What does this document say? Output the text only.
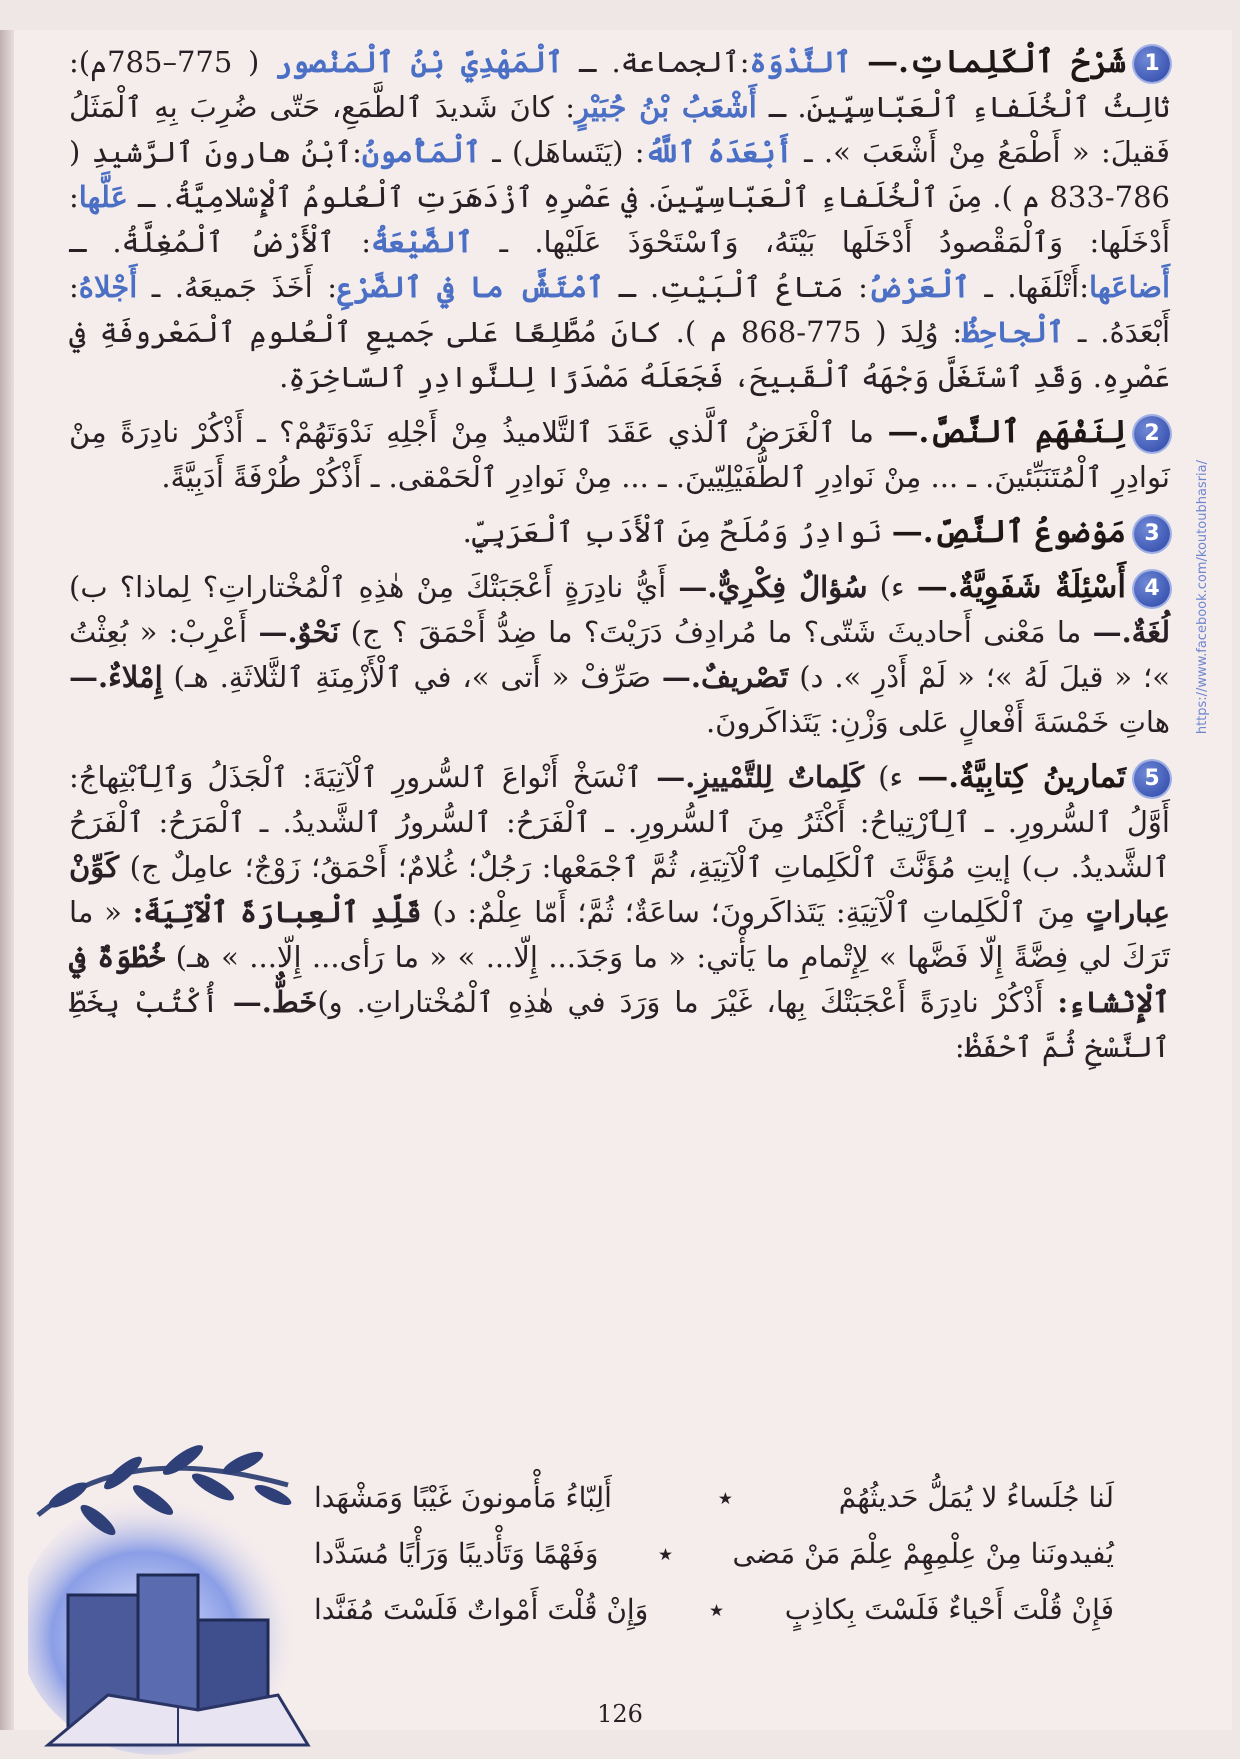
1شَرْحُ ٱلْكَلِماتِ.— ٱلنَّدْوَة:ٱلجماعة. ـ ٱلْمَهْدِيّ بْنُ ٱلْمَنْصور ( 775–785م): ثالِثُ ٱلْخُلَفاءِ ٱلْعَبّاسِيِّينَ. ـ أَشْعَبُ بْنُ جُبَيْرٍ: كانَ شَديدَ ٱلطَّمَعِ، حَتّى ضُرِبَ بِهِ ٱلْمَثَلُ فَقيلَ: « أَطْمَعُ مِنْ أَشْعَبَ ». ـ أَبْعَدَهُ ٱللَّهُ: (يَتَساهَل) ـ ٱلْمَأْمونُ:ٱبْنُ هارونَ ٱلرَّشيدِ ( 786-833 م ). مِنَ ٱلْخُلَفاءِ ٱلْعَبّاسِيِّينَ. في عَصْرِهِ ٱزْدَهَرَتِ ٱلْعُلومُ ٱلْإِسْلامِيَّةُ. ـ عَلَّها: أَدْخَلَها: وَٱلْمَقْصودُ أَدْخَلَها بَيْتَهُ، وَٱسْتَحْوَذَ عَلَيْها. ـ ٱلضَّيْعَةُ: ٱلْأَرْضُ ٱلْمُغِلَّةُ. ـ أَضاعَها:أَتْلَفَها. ـ ٱلْعَرْضُ: مَتاعُ ٱلْبَيْتِ. ـ ٱمْتَشَّ ما في ٱلضَّرْعِ: أَخَذَ جَميعَهُ. ـ أَجْلاهُ: أَبْعَدَهُ. ـ ٱلْجاحِظُ: وُلِدَ ( 775-868 م ). كانَ مُطَّلِعًا عَلى جَميعِ ٱلْعُلومِ ٱلْمَعْروفَةِ في عَصْرِهِ. وَقَدِ ٱسْتَغَلَّ وَجْهَهُ ٱلْقَبيحَ، فَجَعَلَهُ مَصْدَرًا لِلنَّوادِرِ ٱلسّاخِرَةِ.
2لِنَفْهَمِ ٱلنَّصَّ.— ما ٱلْغَرَضُ ٱلَّذي عَقَدَ ٱلتَّلاميذُ مِنْ أَجْلِهِ نَدْوَتَهُمْ؟ ـ أَذْكُرْ نادِرَةً مِنْ نَوادِرِ ٱلْمُتَنَبِّئينَ. ـ ... مِنْ نَوادِرِ ٱلطُّفَيْلِيّينَ. ـ ... مِنْ نَوادِرِ ٱلْحَمْقى. ـ أَذْكُرْ طُرْفَةً أَدَبِيَّةً.
3مَوْضوعُ ٱلنَّصِّ.— نَوادِرُ وَمُلَحٌ مِنَ ٱلْأَدَبِ ٱلْعَرَبِيِّ.
4أَسْئِلَةٌ شَفَوِيَّةٌ.— ء) سُؤالٌ فِكْرِيٌّ.— أَيُّ نادِرَةٍ أَعْجَبَتْكَ مِنْ هٰذِهِ ٱلْمُخْتاراتِ؟ لِماذا؟ ب) لُغَةٌ.— ما مَعْنى أَحاديثَ شَتّى؟ ما مُرادِفُ دَرَيْتَ؟ ما ضِدُّ أَحْمَقَ ؟ ج) نَحْوٌ.— أَعْرِبْ: « بُعِثْتُ »؛ « قيلَ لَهُ »؛ « لَمْ أَدْرِ ». د) تَصْريفٌ.— صَرِّفْ « أَتى »، في ٱلْأَزْمِنَةِ ٱلثَّلاثَةِ. هـ) إِمْلاءٌ.— هاتِ خَمْسَةَ أَفْعالٍ عَلى وَزْنِ: يَتَذاكَرونَ.
5تَمارينُ كِتابِيَّةٌ.— ء) كَلِماتٌ لِلتَّمْييزِ.— ٱنْسَخْ أَنْواعَ ٱلسُّرورِ ٱلْآتِيَةَ: ٱلْجَذَلُ وَٱلِٱبْتِهاجُ: أَوَّلُ ٱلسُّرورِ. ـ ٱلِٱرْتِياحُ: أَكْثَرُ مِنَ ٱلسُّرورِ. ـ ٱلْفَرَحُ: ٱلسُّرورُ ٱلشَّديدُ. ـ ٱلْمَرَحُ: ٱلْفَرَحُ ٱلشَّديدُ. ب) إيتِ مُؤَنَّثَ ٱلْكَلِماتِ ٱلْآتِيَةِ، ثُمَّ ٱجْمَعْها: رَجُلٌ؛ غُلامٌ؛ أَحْمَقُ؛ زَوْجٌ؛ عامِلٌ ج) كَوِّنْ عِباراتٍ مِنَ ٱلْكَلِماتِ ٱلْآتِيَةِ: يَتَذاكَرونَ؛ ساعَةٌ؛ ثُمَّ؛ أَمّا عِلْمٌ: د) قَلِّدِ ٱلْعِبارَةَ ٱلْآتِيَةَ: « ما تَرَكَ لي فِضَّةً إِلّا فَضَّها » لِإِتْمامِ ما يَأْتي: « ما وَجَدَ... إِلّا... » « ما رَأى... إِلّا... » هـ) خُطْوَةٌ في ٱلْإِنْشاءِ: أَذْكُرْ نادِرَةً أَعْجَبَتْكَ بِها، غَيْرَ ما وَرَدَ في هٰذِهِ ٱلْمُخْتاراتِ. و)خَطٌّ.— أُكْتُبْ بِخَطِّ ٱلنَّسْخِ ثُمَّ ٱحْفَظْ:
لَنا جُلَساءُ لا يُمَلُّ حَديثُهُمْ
٭
أَلِبّاءُ مَأْمونونَ غَيْبًا وَمَشْهَدا
يُفيدونَنا مِنْ عِلْمِهِمْ عِلْمَ مَنْ مَضى
٭
وَفَهْمًا وَتَأْديبًا وَرَأْيًا مُسَدَّدا
فَإِنْ قُلْتَ أَحْياءٌ فَلَسْتَ بِكاذِبٍ
٭
وَإِنْ قُلْتَ أَمْواتٌ فَلَسْتَ مُفَنَّدا
https://www.facebook.com/koutoubhasria/
126
